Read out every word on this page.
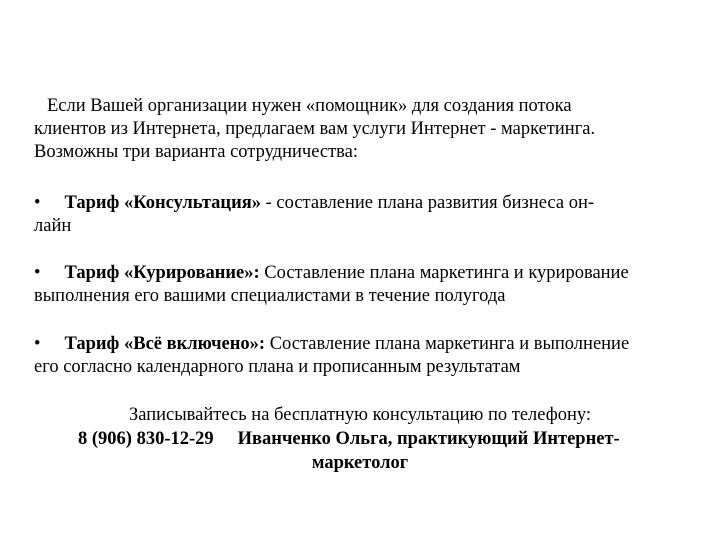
Если Вашей организации нужен «помощник» для создания потока
клиентов из Интернета, предлагаем вам услуги Интернет - маркетинга.
Возможны три варианта сотрудничества:
• Тариф «Консультация» - составление плана развития бизнеса он-
лайн
• Тариф «Курирование»: Составление плана маркетинга и курирование
выполнения его вашими специалистами в течение полугода
• Тариф «Всё включено»: Составление плана маркетинга и выполнение
его согласно календарного плана и прописанным результатам
Записывайтесь на бесплатную консультацию по телефону:
8 (906) 830-12-29 Иванченко Ольга, практикующий Интернет-
маркетолог
